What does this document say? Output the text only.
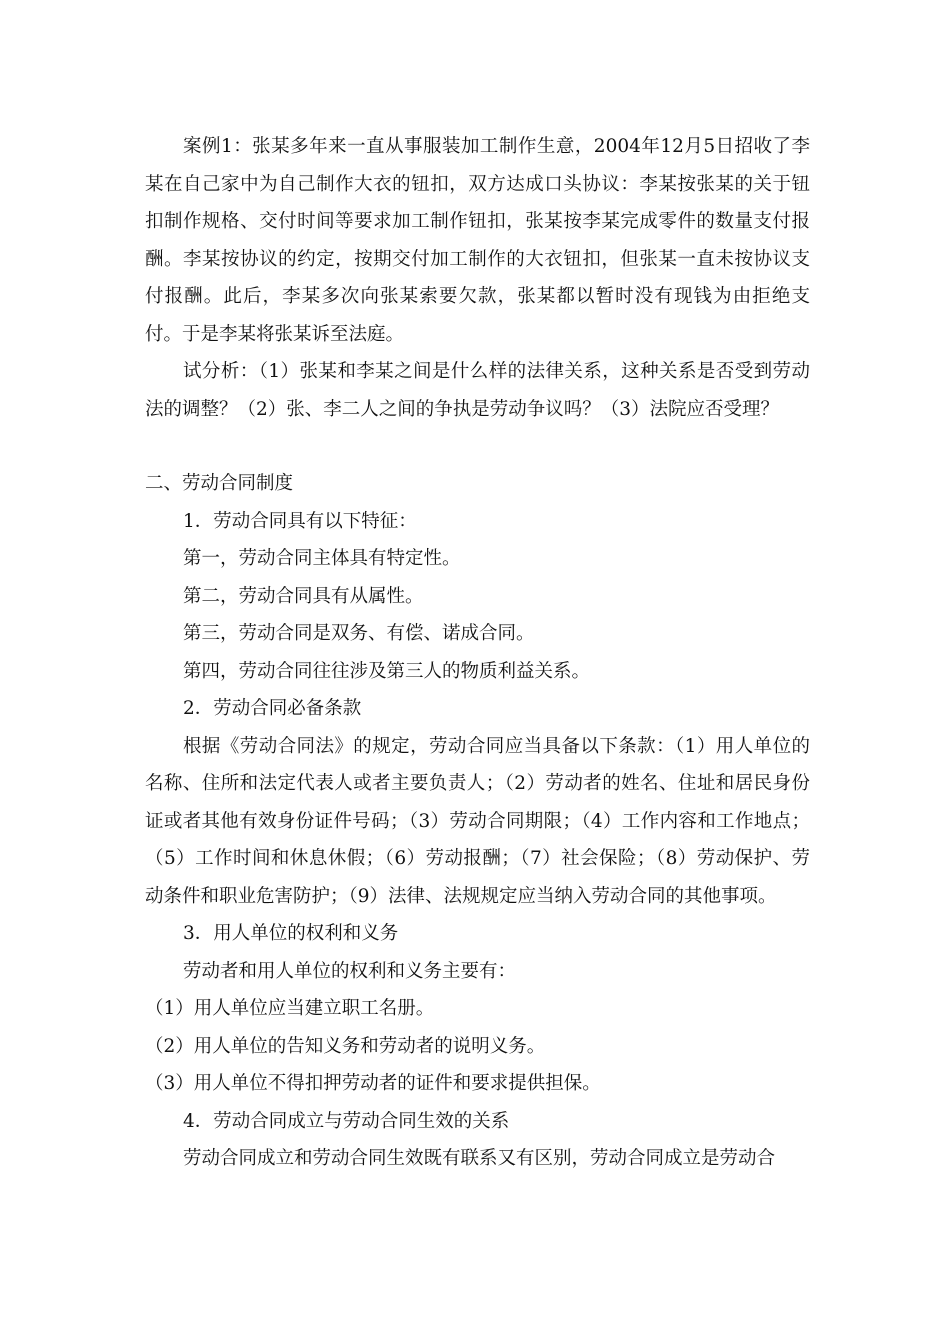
案例1：张某多年来一直从事服装加工制作生意，2004年12月5日招收了李某在自己家中为自己制作大衣的钮扣，双方达成口头协议：李某按张某的关于钮扣制作规格、交付时间等要求加工制作钮扣，张某按李某完成零件的数量支付报酬。李某按协议的约定，按期交付加工制作的大衣钮扣，但张某一直未按协议支付报酬。此后，李某多次向张某索要欠款，张某都以暂时没有现钱为由拒绝支付。于是李某将张某诉至法庭。

试分析：（1）张某和李某之间是什么样的法律关系，这种关系是否受到劳动法的调整？（2）张、李二人之间的争执是劳动争议吗？（3）法院应否受理？

二、劳动合同制度

1．劳动合同具有以下特征：

第一，劳动合同主体具有特定性。

第二，劳动合同具有从属性。

第三，劳动合同是双务、有偿、诺成合同。

第四，劳动合同往往涉及第三人的物质利益关系。

2．劳动合同必备条款

根据《劳动合同法》的规定，劳动合同应当具备以下条款：（1）用人单位的名称、住所和法定代表人或者主要负责人；（2）劳动者的姓名、住址和居民身份证或者其他有效身份证件号码；（3）劳动合同期限；（4）工作内容和工作地点；（5）工作时间和休息休假；（6）劳动报酬；（7）社会保险；（8）劳动保护、劳动条件和职业危害防护；（9）法律、法规规定应当纳入劳动合同的其他事项。

3．用人单位的权利和义务

劳动者和用人单位的权利和义务主要有：

（1）用人单位应当建立职工名册。

（2）用人单位的告知义务和劳动者的说明义务。

（3）用人单位不得扣押劳动者的证件和要求提供担保。

4．劳动合同成立与劳动合同生效的关系

劳动合同成立和劳动合同生效既有联系又有区别，劳动合同成立是劳动合
